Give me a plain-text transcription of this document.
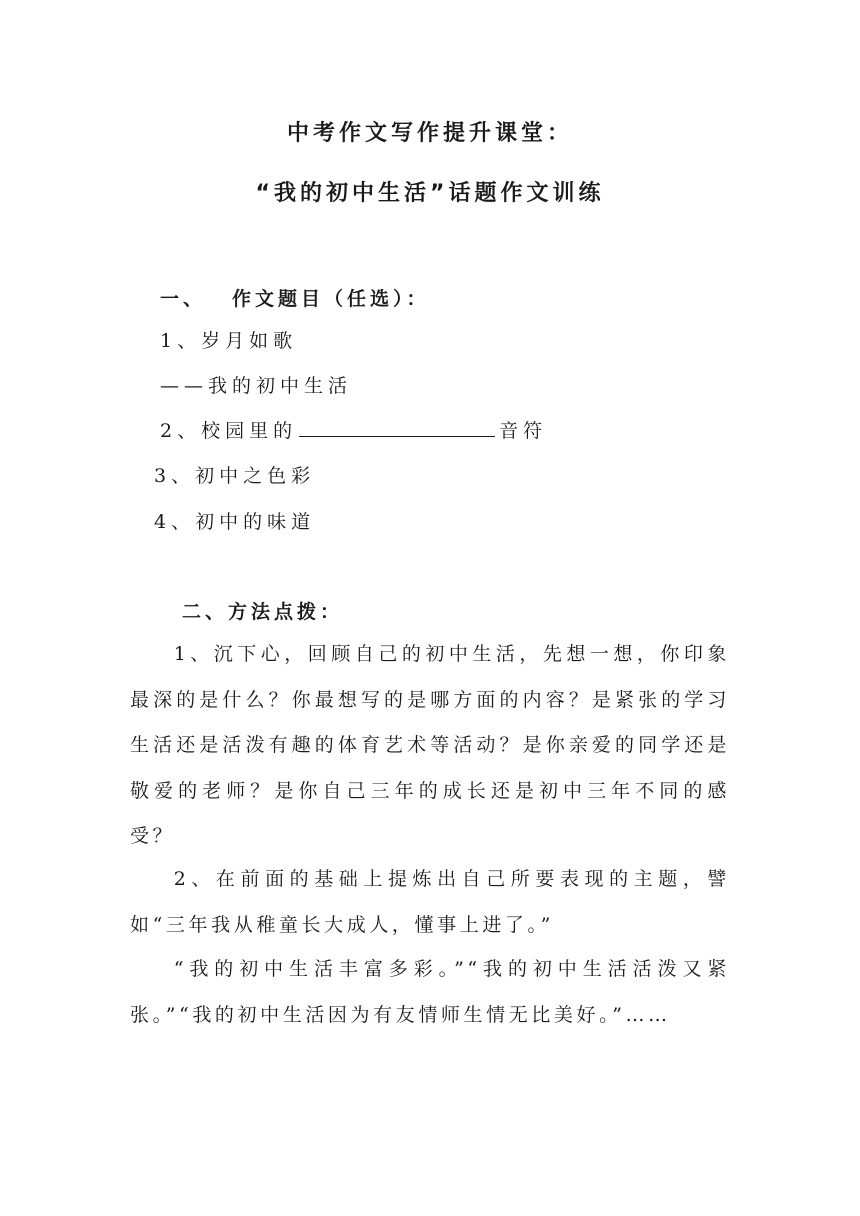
中考作文写作提升课堂：
“我的初中生活”话题作文训练
一、 作文题目（任选）：
1、岁月如歌
——我的初中生活
2、校园里的	音符
3、初中之色彩
4、初中的味道
二、方法点拨：
1、沉下心，回顾自己的初中生活，先想一想，你印象最深的是什么？你最想写的是哪方面的内容？是紧张的学习生活还是活泼有趣的体育艺术等活动？是你亲爱的同学还是敬爱的老师？是你自己三年的成长还是初中三年不同的感受？
2、在前面的基础上提炼出自己所要表现的主题，譬如“三年我从稚童长大成人，懂事上进了。”
“我的初中生活丰富多彩。”“我的初中生活活泼又紧张。”“我的初中生活因为有友情师生情无比美好。”……
